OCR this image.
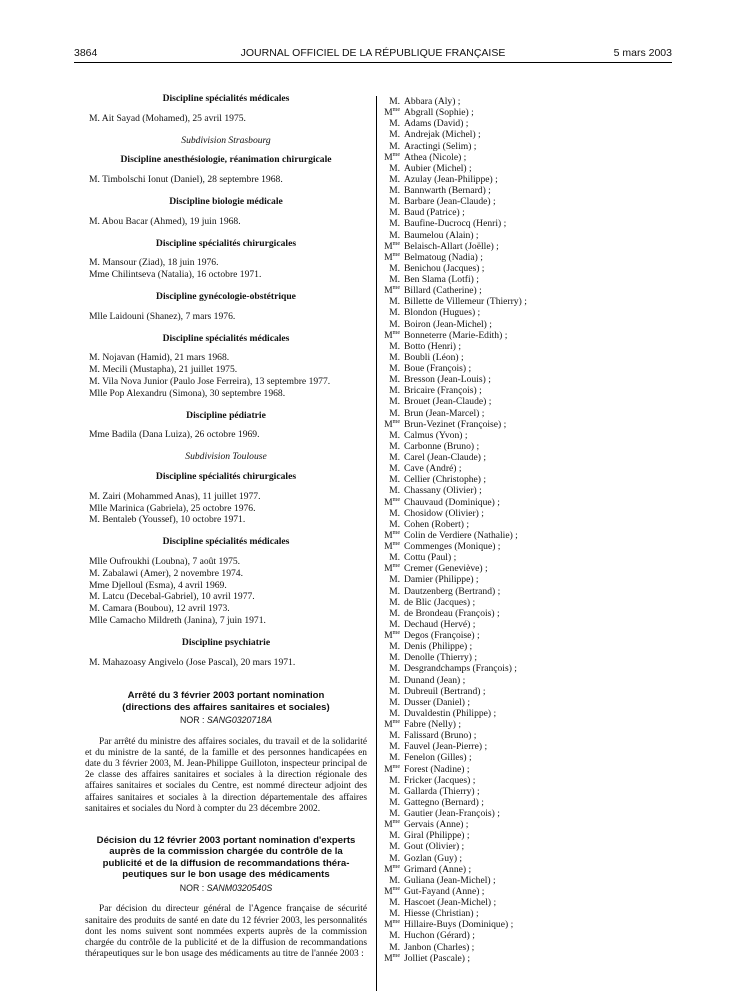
3864	JOURNAL OFFICIEL DE LA RÉPUBLIQUE FRANÇAISE	5 mars 2003
Discipline spécialités médicales
M. Ait Sayad (Mohamed), 25 avril 1975.
Subdivision Strasbourg
Discipline anesthésiologie, réanimation chirurgicale
M. Timbolschi Ionut (Daniel), 28 septembre 1968.
Discipline biologie médicale
M. Abou Bacar (Ahmed), 19 juin 1968.
Discipline spécialités chirurgicales
M. Mansour (Ziad), 18 juin 1976.
Mme Chilintseva (Natalia), 16 octobre 1971.
Discipline gynécologie-obstétrique
Mlle Laidouni (Shanez), 7 mars 1976.
Discipline spécialités médicales
M. Nojavan (Hamid), 21 mars 1968.
M. Mecili (Mustapha), 21 juillet 1975.
M. Vila Nova Junior (Paulo Jose Ferreira), 13 septembre 1977.
Mlle Pop Alexandru (Simona), 30 septembre 1968.
Discipline pédiatrie
Mme Badila (Dana Luiza), 26 octobre 1969.
Subdivision Toulouse
Discipline spécialités chirurgicales
M. Zairi (Mohammed Anas), 11 juillet 1977.
Mlle Marinica (Gabriela), 25 octobre 1976.
M. Bentaleb (Youssef), 10 octobre 1971.
Discipline spécialités médicales
Mlle Oufroukhi (Loubna), 7 août 1975.
M. Zabalawi (Amer), 2 novembre 1974.
Mme Djelloul (Esma), 4 avril 1969.
M. Latcu (Decebal-Gabriel), 10 avril 1977.
M. Camara (Boubou), 12 avril 1973.
Mlle Camacho Mildreth (Janina), 7 juin 1971.
Discipline psychiatrie
M. Mahazoasy Angivelo (Jose Pascal), 20 mars 1971.
Arrêté du 3 février 2003 portant nomination
(directions des affaires sanitaires et sociales)
NOR : SANG0320718A

Par arrêté du ministre des affaires sociales, du travail et de la solidarité et du ministre de la santé, de la famille et des personnes handicapées en date du 3 février 2003, M. Jean-Philippe Guilloton, inspecteur principal de 2e classe des affaires sanitaires et sociales à la direction régionale des affaires sanitaires et sociales du Centre, est nommé directeur adjoint des affaires sanitaires et sociales à la direction départementale des affaires sanitaires et sociales du Nord à compter du 23 décembre 2002.

Décision du 12 février 2003 portant nomination d'experts
auprès de la commission chargée du contrôle de la
publicité et de la diffusion de recommandations théra-
peutiques sur le bon usage des médicaments
NOR : SANM0320540S

Par décision du directeur général de l'Agence française de sécurité sanitaire des produits de santé en date du 12 février 2003, les personnalités dont les noms suivent sont nommées experts auprès de la commission chargée du contrôle de la publicité et de la diffusion de recommandations thérapeutiques sur le bon usage des médicaments au titre de l'année 2003 :

M. Abbara (Aly) ;
$M^{me}$ Abgrall (Sophie) ;
M. Adams (David) ;
M. Andrejak (Michel) ;
M. Aractingi (Selim) ;
$M^{me}$ Athea (Nicole) ;
M. Aubier (Michel) ;
M. Azulay (Jean-Philippe) ;
M. Bannwarth (Bernard) ;
M. Barbare (Jean-Claude) ;
M. Baud (Patrice) ;
M. Baufine-Ducrocq (Henri) ;
M. Baumelou (Alain) ;
$M^{me}$ Belaisch-Allart (Joëlle) ;
$M^{me}$ Belmatoug (Nadia) ;
M. Benichou (Jacques) ;
M. Ben Slama (Lotfi) ;
$M^{me}$ Billard (Catherine) ;
M. Billette de Villemeur (Thierry) ;
M. Blondon (Hugues) ;
M. Boiron (Jean-Michel) ;
$M^{me}$ Bonneterre (Marie-Edith) ;
M. Botto (Henri) ;
M. Boubli (Léon) ;
M. Boue (François) ;
M. Bresson (Jean-Louis) ;
M. Bricaire (François) ;
M. Brouet (Jean-Claude) ;
M. Brun (Jean-Marcel) ;
$M^{me}$ Brun-Vezinet (Françoise) ;
M. Calmus (Yvon) ;
M. Carbonne (Bruno) ;
M. Carel (Jean-Claude) ;
M. Cave (André) ;
M. Cellier (Christophe) ;
M. Chassany (Olivier) ;
$M^{me}$ Chauvaud (Dominique) ;
M. Chosidow (Olivier) ;
M. Cohen (Robert) ;
$M^{me}$ Colin de Verdiere (Nathalie) ;
$M^{me}$ Commenges (Monique) ;
M. Cottu (Paul) ;
$M^{me}$ Cremer (Geneviève) ;
M. Damier (Philippe) ;
M. Dautzenberg (Bertrand) ;
M. de Blic (Jacques) ;
M. de Brondeau (François) ;
M. Dechaud (Hervé) ;
$M^{me}$ Degos (Françoise) ;
M. Denis (Philippe) ;
M. Denolle (Thierry) ;
M. Desgrandchamps (François) ;
M. Dunand (Jean) ;
M. Dubreuil (Bertrand) ;
M. Dusser (Daniel) ;
M. Duvaldestin (Philippe) ;
$M^{me}$ Fabre (Nelly) ;
M. Falissard (Bruno) ;
M. Fauvel (Jean-Pierre) ;
M. Fenelon (Gilles) ;
$M^{me}$ Forest (Nadine) ;
M. Fricker (Jacques) ;
M. Gallarda (Thierry) ;
M. Gattegno (Bernard) ;
M. Gautier (Jean-François) ;
$M^{me}$ Gervais (Anne) ;
M. Giral (Philippe) ;
M. Gout (Olivier) ;
M. Gozlan (Guy) ;
$M^{me}$ Grimard (Anne) ;
M. Guliana (Jean-Michel) ;
$M^{me}$ Gut-Fayand (Anne) ;
M. Hascoet (Jean-Michel) ;
M. Hiesse (Christian) ;
$M^{me}$ Hillaire-Buys (Dominique) ;
M. Huchon (Gérard) ;
M. Janbon (Charles) ;
$M^{me}$ Jolliet (Pascale) ;
